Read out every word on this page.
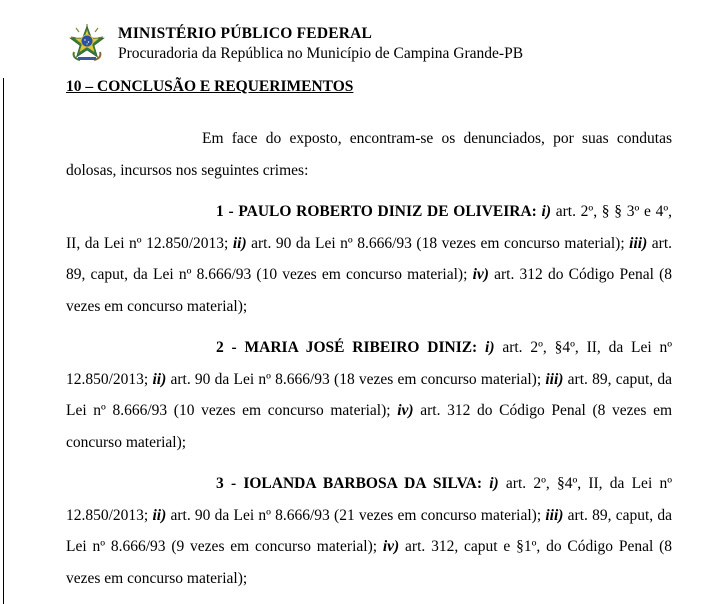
MINISTÉRIO PÚBLICO FEDERAL
Procuradoria da República no Município de Campina Grande-PB
10 – CONCLUSÃO E REQUERIMENTOS

Em face do exposto, encontram-se os denunciados, por suas condutas dolosas, incursos nos seguintes crimes:

1 - PAULO ROBERTO DINIZ DE OLIVEIRA: i) art. 2º, § § 3º e 4º, II, da Lei nº 12.850/2013; ii) art. 90 da Lei nº 8.666/93 (18 vezes em concurso material); iii) art. 89, caput, da Lei nº 8.666/93 (10 vezes em concurso material); iv) art. 312 do Código Penal (8 vezes em concurso material);

2 - MARIA JOSÉ RIBEIRO DINIZ: i) art. 2º, §4º, II, da Lei nº 12.850/2013; ii) art. 90 da Lei nº 8.666/93 (18 vezes em concurso material); iii) art. 89, caput, da Lei nº 8.666/93 (10 vezes em concurso material); iv) art. 312 do Código Penal (8 vezes em concurso material);

3 - IOLANDA BARBOSA DA SILVA: i) art. 2º, §4º, II, da Lei nº 12.850/2013; ii) art. 90 da Lei nº 8.666/93 (21 vezes em concurso material); iii) art. 89, caput, da Lei nº 8.666/93 (9 vezes em concurso material); iv) art. 312, caput e §1º, do Código Penal (8 vezes em concurso material);
